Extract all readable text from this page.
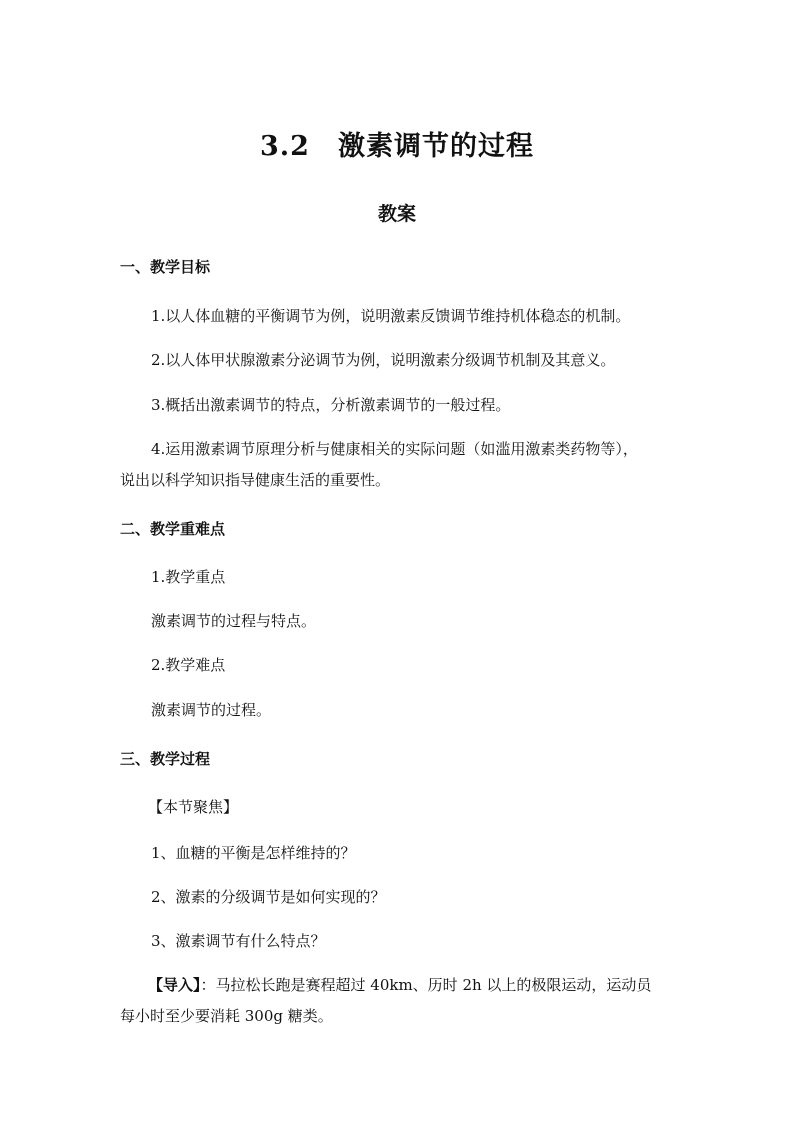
3.2 激素调节的过程
教案
一、教学目标
1.以人体血糖的平衡调节为例，说明激素反馈调节维持机体稳态的机制。
2.以人体甲状腺激素分泌调节为例，说明激素分级调节机制及其意义。
3.概括出激素调节的特点，分析激素调节的一般过程。
4.运用激素调节原理分析与健康相关的实际问题（如滥用激素类药物等），
说出以科学知识指导健康生活的重要性。
二、教学重难点
1.教学重点
激素调节的过程与特点。
2.教学难点
激素调节的过程。
三、教学过程
【本节聚焦】
1、血糖的平衡是怎样维持的？
2、激素的分级调节是如何实现的？
3、激素调节有什么特点？
【导入】：马拉松长跑是赛程超过 40km、历时 2h 以上的极限运动，运动员
每小时至少要消耗 300g 糖类。
